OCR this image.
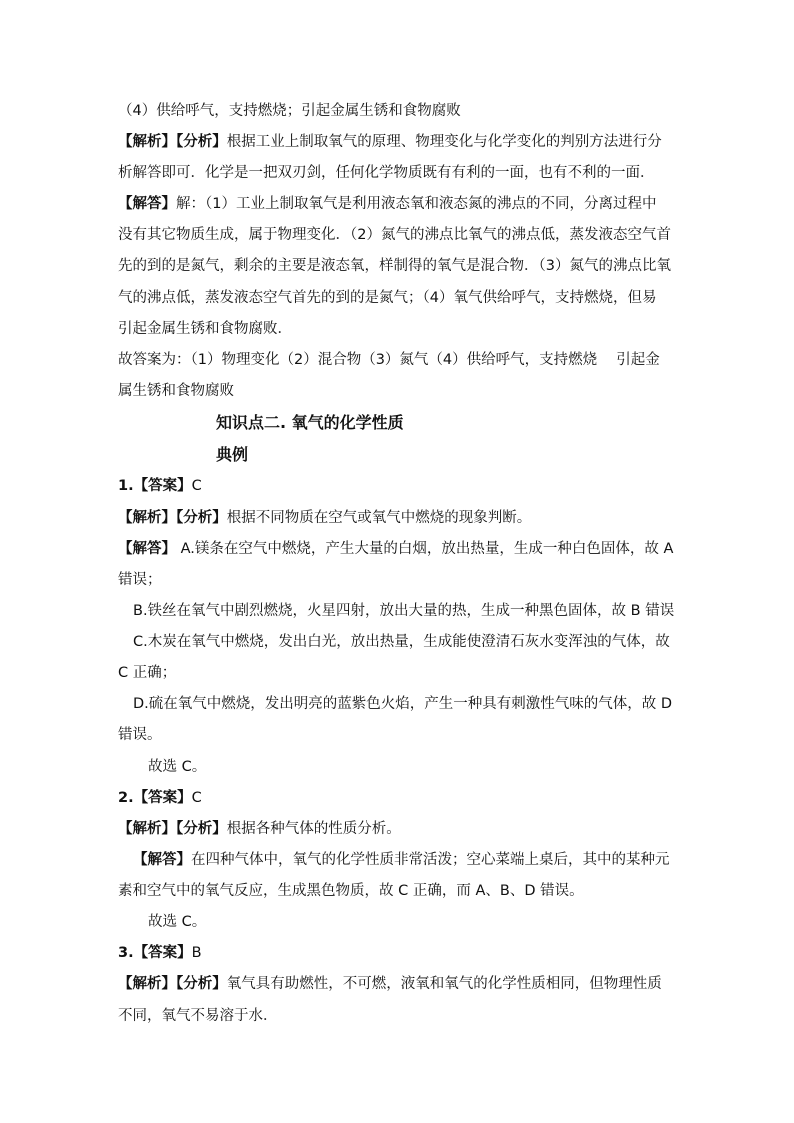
（4）供给呼气，支持燃烧；引起金属生锈和食物腐败
【解析】【分析】根据工业上制取氧气的原理、物理变化与化学变化的判别方法进行分
析解答即可．化学是一把双刃剑，任何化学物质既有有利的一面，也有不利的一面．
【解答】解：（1）工业上制取氧气是利用液态氧和液态氮的沸点的不同，分离过程中
没有其它物质生成，属于物理变化．（2）氮气的沸点比氧气的沸点低，蒸发液态空气首
先的到的是氮气，剩余的主要是液态氧，样制得的氧气是混合物．（3）氮气的沸点比氧
气的沸点低，蒸发液态空气首先的到的是氮气；（4）氧气供给呼气，支持燃烧，但易
引起金属生锈和食物腐败．
故答案为：（1）物理变化（2）混合物（3）氮气（4）供给呼气，支持燃烧　 引起金
属生锈和食物腐败
知识点二. 氧气的化学性质
典例
1.【答案】C
【解析】【分析】根据不同物质在空气或氧气中燃烧的现象判断。
【解答】 A.镁条在空气中燃烧，产生大量的白烟，放出热量，生成一种白色固体，故 A
错误；
B.铁丝在氧气中剧烈燃烧，火星四射，放出大量的热，生成一种黑色固体，故 B 错误
C.木炭在氧气中燃烧，发出白光，放出热量，生成能使澄清石灰水变浑浊的气体，故
C 正确；
D.硫在氧气中燃烧，发出明亮的蓝紫色火焰，产生一种具有刺激性气味的气体，故 D
错误。
故选 C。
2.【答案】C
【解析】【分析】根据各种气体的性质分析。
【解答】在四种气体中，氧气的化学性质非常活泼；空心菜端上桌后，其中的某种元
素和空气中的氧气反应，生成黑色物质，故 C 正确，而 A、B、D 错误。
故选 C。
3.【答案】B
【解析】【分析】氧气具有助燃性，不可燃，液氧和氧气的化学性质相同，但物理性质
不同，氧气不易溶于水．
